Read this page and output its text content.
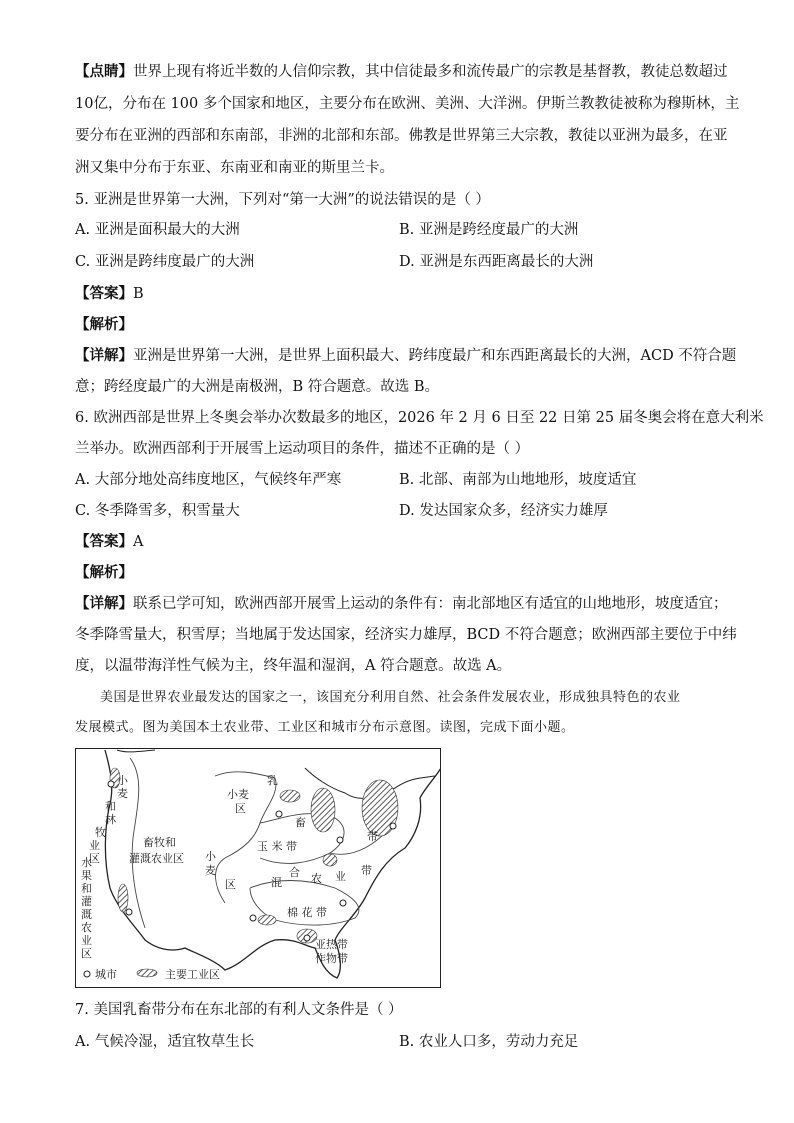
【点睛】世界上现有将近半数的人信仰宗教，其中信徒最多和流传最广的宗教是基督教，教徒总数超过
10亿，分布在 100 多个国家和地区，主要分布在欧洲、美洲、大洋洲。伊斯兰教教徒被称为穆斯林，主
要分布在亚洲的西部和东南部，非洲的北部和东部。佛教是世界第三大宗教，教徒以亚洲为最多，在亚
洲又集中分布于东亚、东南亚和南亚的斯里兰卡。
5. 亚洲是世界第一大洲，下列对“第一大洲”的说法错误的是（ ）
A. 亚洲是面积最大的大洲	B. 亚洲是跨经度最广的大洲
C. 亚洲是跨纬度最广的大洲	D. 亚洲是东西距离最长的大洲
【答案】B
【解析】
【详解】亚洲是世界第一大洲，是世界上面积最大、跨纬度最广和东西距离最长的大洲，ACD 不符合题
意；跨经度最广的大洲是南极洲，B 符合题意。故选 B。
6. 欧洲西部是世界上冬奥会举办次数最多的地区，2026 年 2 月 6 日至 22 日第 25 届冬奥会将在意大利米
兰举办。欧洲西部利于开展雪上运动项目的条件，描述不正确的是（ ）
A. 大部分地处高纬度地区，气候终年严寒	B. 北部、南部为山地地形，坡度适宜
C. 冬季降雪多，积雪量大	D. 发达国家众多，经济实力雄厚
【答案】A
【解析】
【详解】联系已学可知，欧洲西部开展雪上运动的条件有：南北部地区有适宜的山地地形，坡度适宜；
冬季降雪量大，积雪厚；当地属于发达国家，经济实力雄厚，BCD 不符合题意；欧洲西部主要位于中纬
度，以温带海洋性气候为主，终年温和湿润，A 符合题意。故选 A。
美国是世界农业最发达的国家之一，该国充分利用自然、社会条件发展农业，形成独具特色的农业
发展模式。图为美国本土农业带、工业区和城市分布示意图。读图，完成下面小题。
小
麦
和
林
牧
业
区
水
果
和
灌
溉
农
业
区
畜牧和
灌溉农业区
小麦
区
小
麦
区
乳
畜
带
玉 米 带
混
合 农 业 带
棉 花 带
亚热带
作物带
城市	主要工业区
7. 美国乳畜带分布在东北部的有利人文条件是（ ）
A. 气候冷湿，适宜牧草生长	B. 农业人口多，劳动力充足
